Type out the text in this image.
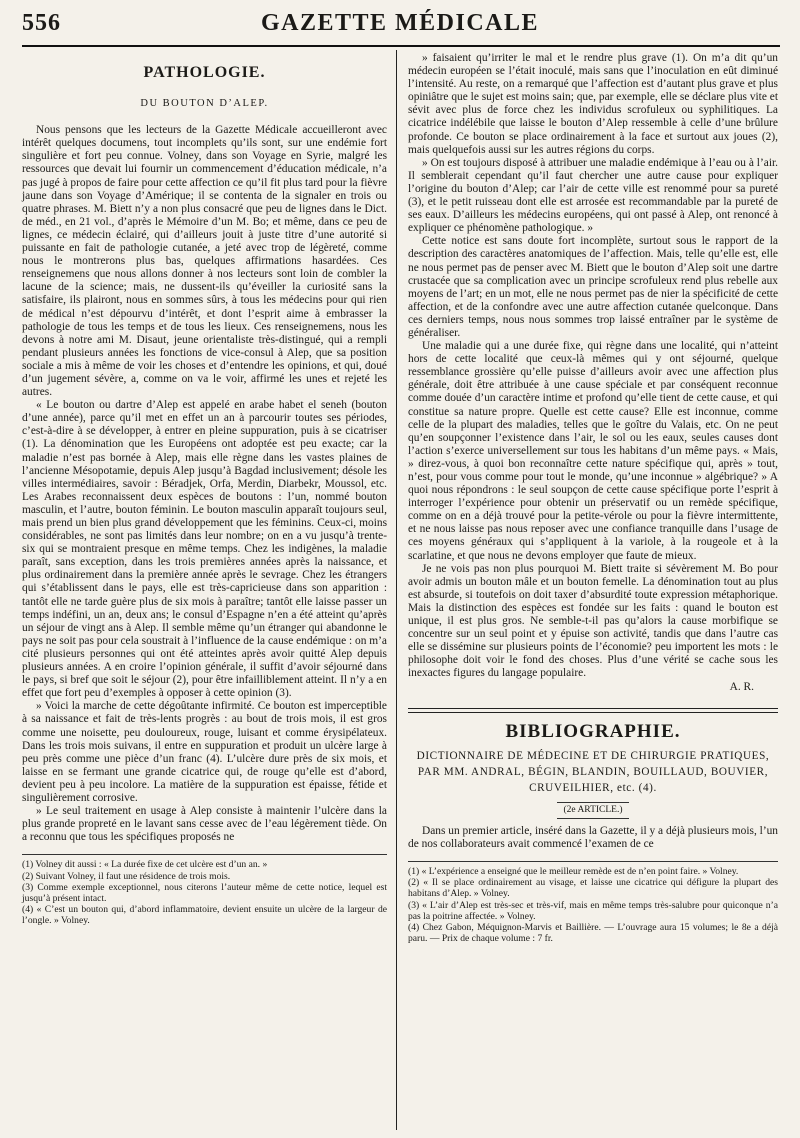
556	GAZETTE MÉDICALE
PATHOLOGIE.
DU BOUTON D’ALEP.

Nous pensons que les lecteurs de la Gazette Médicale accueilleront avec intérêt quelques documens, tout incomplets qu’ils sont, sur une endémie fort singulière et fort peu connue. Volney, dans son Voyage en Syrie, malgré les ressources que devait lui fournir un commencement d’éducation médicale, n’a pas jugé à propos de faire pour cette affection ce qu’il fit plus tard pour la fièvre jaune dans son Voyage d’Amérique; il se contenta de la signaler en trois ou quatre phrases. M. Biett n’y a non plus consacré que peu de lignes dans le Dict. de méd., en 21 vol., d’après le Mémoire d’un M. Bo; et même, dans ce peu de lignes, ce médecin éclairé, qui d’ailleurs jouit à juste titre d’une autorité si puissante en fait de pathologie cutanée, a jeté avec trop de légèreté, comme nous le montrerons plus bas, quelques affirmations hasardées. Ces renseignemens que nous allons donner à nos lecteurs sont loin de combler la lacune de la science; mais, ne dussent-ils qu’éveiller la curiosité sans la satisfaire, ils plairont, nous en sommes sûrs, à tous les médecins pour qui rien de médical n’est dépourvu d’intérêt, et dont l’esprit aime à embrasser la pathologie de tous les temps et de tous les lieux. Ces renseignemens, nous les devons à notre ami M. Disaut, jeune orientaliste très-distingué, qui a rempli pendant plusieurs années les fonctions de vice-consul à Alep, que sa position sociale a mis à même de voir les choses et d’entendre les opinions, et qui, doué d’un jugement sévère, a, comme on va le voir, affirmé les unes et rejeté les autres.

« Le bouton ou dartre d’Alep est appelé en arabe habet el seneh (bouton d’une année), parce qu’il met en effet un an à parcourir toutes ses périodes, c’est-à-dire à se développer, à entrer en pleine suppuration, puis à se cicatriser (1). La dénomination que les Européens ont adoptée est peu exacte; car la maladie n’est pas bornée à Alep, mais elle règne dans les vastes plaines de l’ancienne Mésopotamie, depuis Alep jusqu’à Bagdad inclusivement; désole les villes intermédiaires, savoir : Béradjek, Orfa, Merdin, Diarbekr, Moussol, etc. Les Arabes reconnaissent deux espèces de boutons : l’un, nommé bouton masculin, et l’autre, bouton féminin. Le bouton masculin apparaît toujours seul, mais prend un bien plus grand développement que les féminins. Ceux-ci, moins considérables, ne sont pas limités dans leur nombre; on en a vu jusqu’à trente-six qui se montraient presque en même temps. Chez les indigènes, la maladie paraît, sans exception, dans les trois premières années après la naissance, et plus ordinairement dans la première année après le sevrage. Chez les étrangers qui s’établissent dans le pays, elle est très-capricieuse dans son apparition : tantôt elle ne tarde guère plus de six mois à paraître; tantôt elle laisse passer un temps indéfini, un an, deux ans; le consul d’Espagne n’en a été atteint qu’après un séjour de vingt ans à Alep. Il semble même qu’un étranger qui abandonne le pays ne soit pas pour cela soustrait à l’influence de la cause endémique : on m’a cité plusieurs personnes qui ont été atteintes après avoir quitté Alep depuis plusieurs années. A en croire l’opinion générale, il suffit d’avoir séjourné dans le pays, si bref que soit le séjour (2), pour être infailliblement atteint. Il n’y a en effet que fort peu d’exemples à opposer à cette opinion (3).

» Voici la marche de cette dégoûtante infirmité. Ce bouton est imperceptible à sa naissance et fait de très-lents progrès : au bout de trois mois, il est gros comme une noisette, peu douloureux, rouge, luisant et comme érysipélateux. Dans les trois mois suivans, il entre en suppuration et produit un ulcère large à peu près comme une pièce d’un franc (4). L’ulcère dure près de six mois, et laisse en se fermant une grande cicatrice qui, de rouge qu’elle est d’abord, devient peu à peu incolore. La matière de la suppuration est épaisse, fétide et singulièrement corrosive.

» Le seul traitement en usage à Alep consiste à maintenir l’ulcère dans la plus grande propreté en le lavant sans cesse avec de l’eau légèrement tiède. On a reconnu que tous les spécifiques proposés ne

(1) Volney dit aussi : « La durée fixe de cet ulcère est d’un an. »

(2) Suivant Volney, il faut une résidence de trois mois.

(3) Comme exemple exceptionnel, nous citerons l’auteur même de cette notice, lequel est jusqu’à présent intact.

(4) « C’est un bouton qui, d’abord inflammatoire, devient ensuite un ulcère de la largeur de l’ongle. » Volney.

» faisaient qu’irriter le mal et le rendre plus grave (1). On m’a dit qu’un médecin européen se l’était inoculé, mais sans que l’inoculation en eût diminué l’intensité. Au reste, on a remarqué que l’affection est d’autant plus grave et plus opiniâtre que le sujet est moins sain; que, par exemple, elle se déclare plus vite et sévit avec plus de force chez les individus scrofuleux ou syphilitiques. La cicatrice indélébile que laisse le bouton d’Alep ressemble à celle d’une brûlure profonde. Ce bouton se place ordinairement à la face et surtout aux joues (2), mais quelquefois aussi sur les autres régions du corps.

» On est toujours disposé à attribuer une maladie endémique à l’eau ou à l’air. Il semblerait cependant qu’il faut chercher une autre cause pour expliquer l’origine du bouton d’Alep; car l’air de cette ville est renommé pour sa pureté (3), et le petit ruisseau dont elle est arrosée est recommandable par la pureté de ses eaux. D’ailleurs les médecins européens, qui ont passé à Alep, ont renoncé à expliquer ce phénomène pathologique. »

Cette notice est sans doute fort incomplète, surtout sous le rapport de la description des caractères anatomiques de l’affection. Mais, telle qu’elle est, elle ne nous permet pas de penser avec M. Biett que le bouton d’Alep soit une dartre crustacée que sa complication avec un principe scrofuleux rend plus rebelle aux moyens de l’art; en un mot, elle ne nous permet pas de nier la spécificité de cette affection, et de la confondre avec une autre affection cutanée quelconque. Dans ces derniers temps, nous nous sommes trop laissé entraîner par le système de généraliser.

Une maladie qui a une durée fixe, qui règne dans une localité, qui n’atteint hors de cette localité que ceux-là mêmes qui y ont séjourné, quelque ressemblance grossière qu’elle puisse d’ailleurs avoir avec une affection plus générale, doit être attribuée à une cause spéciale et par conséquent reconnue comme douée d’un caractère intime et profond qu’elle tient de cette cause, et qui constitue sa nature propre. Quelle est cette cause? Elle est inconnue, comme celle de la plupart des maladies, telles que le goître du Valais, etc. On ne peut qu’en soupçonner l’existence dans l’air, le sol ou les eaux, seules causes dont l’action s’exerce universellement sur tous les habitans d’un même pays. « Mais, » direz-vous, à quoi bon reconnaître cette nature spécifique qui, après » tout, n’est, pour vous comme pour tout le monde, qu’une inconnue » algébrique? » A quoi nous répondrons : le seul soupçon de cette cause spécifique porte l’esprit à interroger l’expérience pour obtenir un préservatif ou un remède spécifique, comme on en a déjà trouvé pour la petite-vérole ou pour la fièvre intermittente, et ne nous laisse pas nous reposer avec une confiance tranquille dans l’usage de ces moyens généraux qui s’appliquent à la variole, à la rougeole et à la scarlatine, et que nous ne devons employer que faute de mieux.

Je ne vois pas non plus pourquoi M. Biett traite si sévèrement M. Bo pour avoir admis un bouton mâle et un bouton femelle. La dénomination tout au plus est absurde, si toutefois on doit taxer d’absurdité toute expression métaphorique. Mais la distinction des espèces est fondée sur les faits : quand le bouton est unique, il est plus gros. Ne semble-t-il pas qu’alors la cause morbifique se concentre sur un seul point et y épuise son activité, tandis que dans l’autre cas elle se dissémine sur plusieurs points de l’économie? peu importent les mots : le philosophe doit voir le fond des choses. Plus d’une vérité se cache sous les inexactes figures du langage populaire.

A. R.
BIBLIOGRAPHIE.
DICTIONNAIRE DE MÉDECINE ET DE CHIRURGIE PRATIQUES,
PAR MM. ANDRAL, BÉGIN, BLANDIN, BOUILLAUD, BOUVIER, CRUVEILHIER, etc. (4).
(2e ARTICLE.)

Dans un premier article, inséré dans la Gazette, il y a déjà plusieurs mois, l’un de nos collaborateurs avait commencé l’examen de ce

(1) « L’expérience a enseigné que le meilleur remède est de n’en point faire. » Volney.

(2) « Il se place ordinairement au visage, et laisse une cicatrice qui défigure la plupart des habitans d’Alep. » Volney.

(3) « L’air d’Alep est très-sec et très-vif, mais en même temps très-salubre pour quiconque n’a pas la poitrine affectée. » Volney.

(4) Chez Gabon, Méquignon-Marvis et Baillière. — L’ouvrage aura 15 volumes; le 8e a déjà paru. — Prix de chaque volume : 7 fr.
